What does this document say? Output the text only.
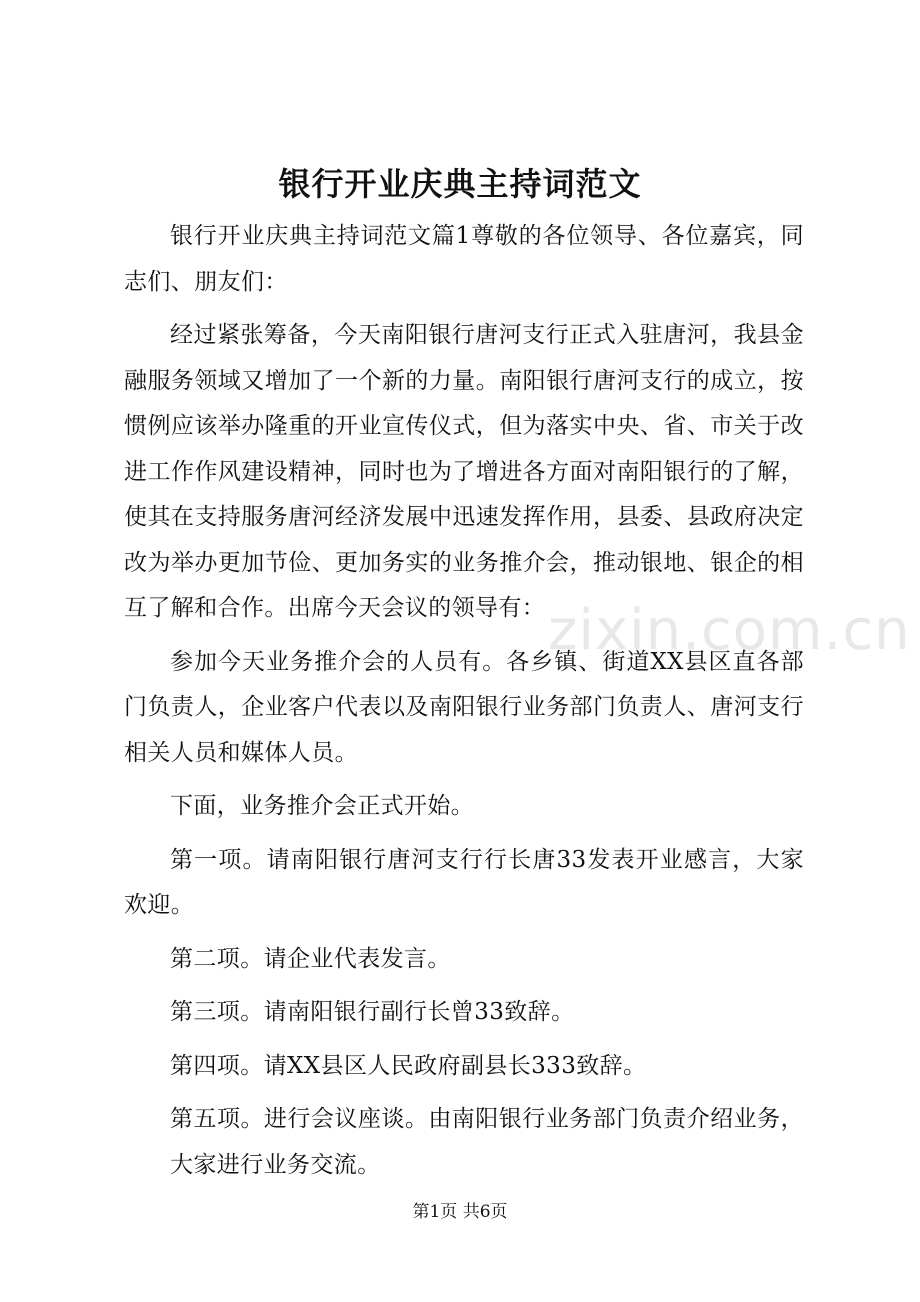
银行开业庆典主持词范文

银行开业庆典主持词范文篇1尊敬的各位领导、各位嘉宾，同志们、朋友们：

经过紧张筹备，今天南阳银行唐河支行正式入驻唐河，我县金融服务领域又增加了一个新的力量。南阳银行唐河支行的成立，按惯例应该举办隆重的开业宣传仪式，但为落实中央、省、市关于改进工作作风建设精神，同时也为了增进各方面对南阳银行的了解，使其在支持服务唐河经济发展中迅速发挥作用，县委、县政府决定改为举办更加节俭、更加务实的业务推介会，推动银地、银企的相互了解和合作。出席今天会议的领导有：

参加今天业务推介会的人员有。各乡镇、街道XX县区直各部门负责人，企业客户代表以及南阳银行业务部门负责人、唐河支行相关人员和媒体人员。

下面，业务推介会正式开始。

第一项。请南阳银行唐河支行行长唐33发表开业感言，大家欢迎。

第二项。请企业代表发言。

第三项。请南阳银行副行长曾33致辞。

第四项。请XX县区人民政府副县长333致辞。

第五项。进行会议座谈。由南阳银行业务部门负责介绍业务，大家进行业务交流。

zixin.com.cn
第1页 共6页
